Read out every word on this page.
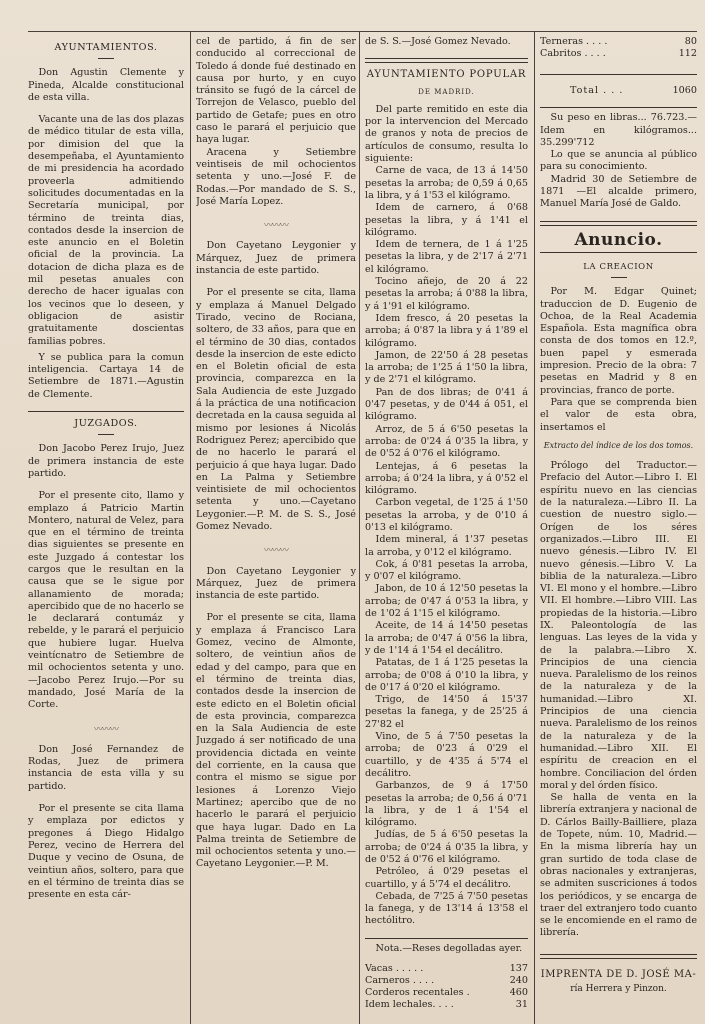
AYUNTAMIENTOS.

Don Agustin Clemente y Pineda, Alcalde constitucional de esta villa.

Vacante una de las dos plazas de médico titular de esta villa, por dimision del que la desempeñaba, el Ayuntamiento de mi presidencia ha acordado proveerla admitiendo solicitudes documentadas en la Secretaría municipal, por término de treinta dias, contados desde la insercion de este anuncio en el Boletin oficial de la provincia. La dotacion de dicha plaza es de mil pesetas anuales con derecho de hacer igualas con los vecinos que lo deseen, y obligacion de asistir gratuitamente doscientas familias pobres.

Y se publica para la comun inteligencia. Cartaya 14 de Setiembre de 1871.—Agustin de Clemente.

JUZGADOS.

Don Jacobo Perez Irujo, Juez de primera instancia de este partido.

Por el presente cito, llamo y emplazo á Patricio Martin Montero, natural de Velez, para que en el término de treinta dias siguientes se presente en este Juzgado á contestar los cargos que le resultan en la causa que se le sigue por allanamiento de morada; apercibido que de no hacerlo se le declarará contumáz y rebelde, y le parará el perjuicio que hubiere lugar. Huelva veintícnatro de Setiembre de mil ochocientos setenta y uno.—Jacobo Perez Irujo.—Por su mandado, José María de la Corte.

〰〰〰

Don José Fernandez de Rodas, Juez de primera instancia de esta villa y su partido.

Por el presente se cita llama y emplaza por edictos y pregones á Diego Hidalgo Perez, vecino de Herrera del Duque y vecino de Osuna, de veintiun años, soltero, para que en el término de treinta dias se presente en esta cár-

cel de partido, á fin de ser conducido al correccional de Toledo á donde fué destinado en causa por hurto, y en cuyo tránsito se fugó de la cárcel de Torrejon de Velasco, pueblo del partido de Getafe; pues en otro caso le parará el perjuicio que haya lugar.

Aracena y Setiembre veintiseis de mil ochocientos setenta y uno.—José F. de Rodas.—Por mandado de S. S., José María Lopez.

〰〰〰

Don Cayetano Leygonier y Márquez, Juez de primera instancia de este partido.

Por el presente se cita, llama y emplaza á Manuel Delgado Tirado, vecino de Rociana, soltero, de 33 años, para que en el término de 30 dias, contados desde la insercion de este edicto en el Boletin oficial de esta provincia, comparezca en la Sala Audiencia de este Juzgado á la práctica de una notificacion decretada en la causa seguida al mismo por lesiones á Nicolás Rodriguez Perez; apercibido que de no hacerlo le parará el perjuicio á que haya lugar. Dado en La Palma y Setiembre veintisiete de mil ochocientos setenta y uno.—Cayetano Leygonier.—P. M. de S. S., José Gomez Nevado.

〰〰〰

Don Cayetano Leygonier y Márquez, Juez de primera instancia de este partido.

Por el presente se cita, llama y emplaza á Francisco Lara Gomez, vecino de Almonte, soltero, de veintiun años de edad y del campo, para que en el término de treinta dias, contados desde la insercion de este edicto en el Boletin oficial de esta provincia, comparezca en la Sala Audiencia de este Juzgado á ser notificado de una providencia dictada en veinte del corriente, en la causa que contra el mismo se sigue por lesiones á Lorenzo Viejo Martinez; apercibo que de no hacerlo le parará el perjuicio que haya lugar. Dado en La Palma treinta de Setiembre de mil ochocientos setenta y uno.—Cayetano Leygonier.—P. M.

de S. S.—José Gomez Nevado.

AYUNTAMIENTO POPULAR
DE MADRID.

Del parte remitido en este dia por la intervencion del Mercado de granos y nota de precios de artículos de consumo, resulta lo siguiente:

Carne de vaca, de 13 á 14'50 pesetas la arroba; de 0,59 á 0,65 la libra, y á 1'53 el kilógramo.

Idem de carnero, á 0'68 pesetas la libra, y á 1'41 el kilógramo.

Idem de ternera, de 1 á 1'25 pesetas la libra, y de 2'17 á 2'71 el kilógramo.

Tocino añejo, de 20 á 22 pesetas la arroba; á 0'88 la libra, y á 1'91 el kilógramo.

Idem fresco, á 20 pesetas la arroba; á 0'87 la libra y á 1'89 el kilógramo.

Jamon, de 22'50 á 28 pesetas la arroba; de 1'25 á 1'50 la libra, y de 2'71 el kilógramo.

Pan de dos libras; de 0'41 á 0'47 pesetas, y de 0'44 á 051, el kilógramo.

Arroz, de 5 á 6'50 pesetas la arroba: de 0'24 á 0'35 la libra, y de 0'52 á 0'76 el kilógramo.

Lentejas, á 6 pesetas la arroba; á 0'24 la libra, y á 0'52 el kilógramo.

Carbon vegetal, de 1'25 á 1'50 pesetas la arroba, y de 0'10 á 0'13 el kilógramo.

Idem mineral, á 1'37 pesetas la arroba, y 0'12 el kilógramo.

Cok, á 0'81 pesetas la arroba, y 0'07 el kilógramo.

Jabon, de 10 á 12'50 pesetas la arroba; de 0'47 á 0'53 la libra, y de 1'02 á 1'15 el kilógramo.

Aceite, de 14 á 14'50 pesetas la arroba; de 0'47 á 0'56 la libra, y de 1'14 á 1'54 el decálitro.

Patatas, de 1 á 1'25 pesetas la arroba; de 0'08 á 0'10 la libra, y de 0'17 á 0'20 el kilógramo.

Trigo, de 14'50 á 15'37 pesetas la fanega, y de 25'25 á 27'82 el

Vino, de 5 á 7'50 pesetas la arroba; de 0'23 á 0'29 el cuartillo, y de 4'35 á 5'74 el decálitro.

Garbanzos, de 9 á 17'50 pesetas la arroba; de 0,56 á 0'71 la libra, y de 1 á 1'54 el kilógramo.

Judías, de 5 á 6'50 pesetas la arroba; de 0'24 á 0'35 la libra, y de 0'52 á 0'76 el kilógramo.

Petróleo, á 0'29 pesetas el cuartillo, y á 5'74 el decálitro.

Cebada, de 7'25 á 7'50 pesetas la fanega, y de 13'14 á 13'58 el hectólitro.

Nota.—Reses degolladas ayer.

Vacas . . . . .	137
Carneros . . . .	240
Corderos recentales .	460
Idem lechales. . . .	31
Terneras . . . .	80
Cabritos . . . .	112
Total . . .	1060

Su peso en libras... 76.723.— Idem en kilógramos... 35.299'712

Lo que se anuncia al público para su conocimiento.

Madrid 30 de Setiembre de 1871 —El alcalde primero, Manuel María José de Galdo.

Anuncio.
LA CREACION

Por M. Edgar Quinet; traduccion de D. Eugenio de Ochoa, de la Real Academia Española. Esta magnífica obra consta de dos tomos en 12.º, buen papel y esmerada impresion. Precio de la obra: 7 pesetas en Madrid y 8 en provincias, franco de porte.

Para que se comprenda bien el valor de esta obra, insertamos el

Extracto del índice de los dos tomos.

Prólogo del Traductor.—Prefacio del Autor.—Libro I. El espíritu nuevo en las ciencias de la naturaleza.—Libro II. La cuestion de nuestro siglo.—Orígen de los séres organizados.—Libro III. El nuevo génesis.—Libro IV. El nuevo génesis.—Libro V. La biblia de la naturaleza.—Libro VI. El mono y el hombre.—Libro VII. El hombre.—Libro VIII. Las propiedas de la historia.—Libro IX. Paleontología de las lenguas. Las leyes de la vida y de la palabra.—Libro X. Principios de una ciencia nueva. Paralelismo de los reinos de la naturaleza y de la humanidad.—Libro XI. Principios de una ciencia nueva. Paralelismo de los reinos de la naturaleza y de la humanidad.—Libro XII. El espíritu de creacion en el hombre. Conciliacion del órden moral y del órden físico.

Se halla de venta en la librería extranjera y nacional de D. Cárlos Bailly-Bailliere, plaza de Topete, núm. 10, Madrid.—En la misma librería hay un gran surtido de toda clase de obras nacionales y extranjeras, se admiten suscriciones á todos los periódicos, y se encarga de traer del extranjero todo cuanto se le encomiende en el ramo de librería.

IMPRENTA DE D. JOSÉ MA-
ría Herrera y Pinzon.
